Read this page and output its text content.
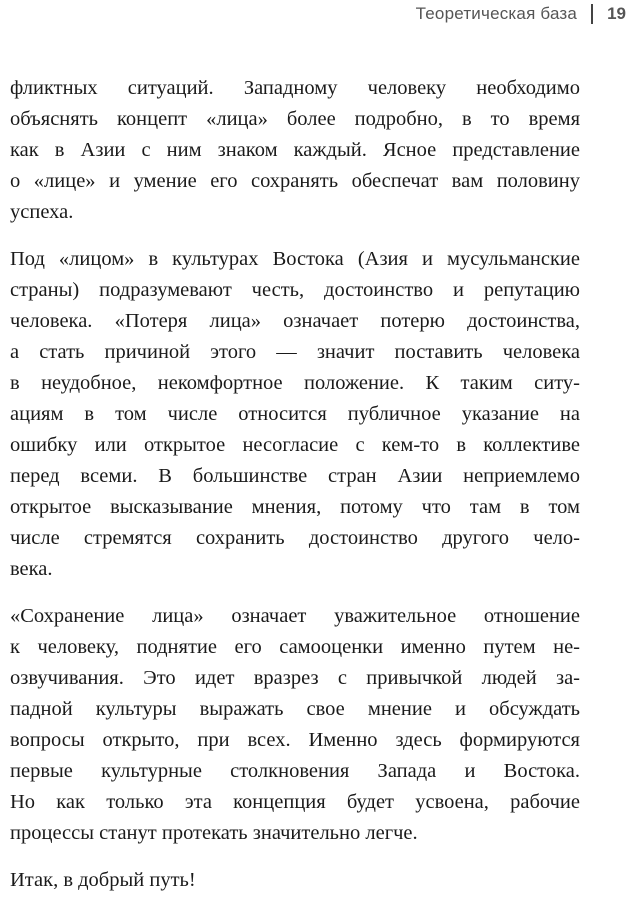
Теоретическая база 19

фликтных ситуаций. Западному человеку необходимо
объяснять концепт «лица» более подробно, в то время
как в Азии с ним знаком каждый. Ясное представление
о «лице» и умение его сохранять обеспечат вам половину
успеха.

Под «лицом» в культурах Востока (Азия и мусульманские
страны) подразумевают честь, достоинство и репутацию
человека. «Потеря лица» означает потерю достоинства,
а стать причиной этого — значит поставить человека
в неудобное, некомфортное положение. К таким ситу-
ациям в том числе относится публичное указание на
ошибку или открытое несогласие с кем-то в коллективе
перед всеми. В большинстве стран Азии неприемлемо
открытое высказывание мнения, потому что там в том
числе стремятся сохранить достоинство другого чело-
века.

«Сохранение лица» означает уважительное отношение
к человеку, поднятие его самооценки именно путем не-
озвучивания. Это идет вразрез с привычкой людей за-
падной культуры выражать свое мнение и обсуждать
вопросы открыто, при всех. Именно здесь формируются
первые культурные столкновения Запада и Востока.
Но как только эта концепция будет усвоена, рабочие
процессы станут протекать значительно легче.

Итак, в добрый путь!
